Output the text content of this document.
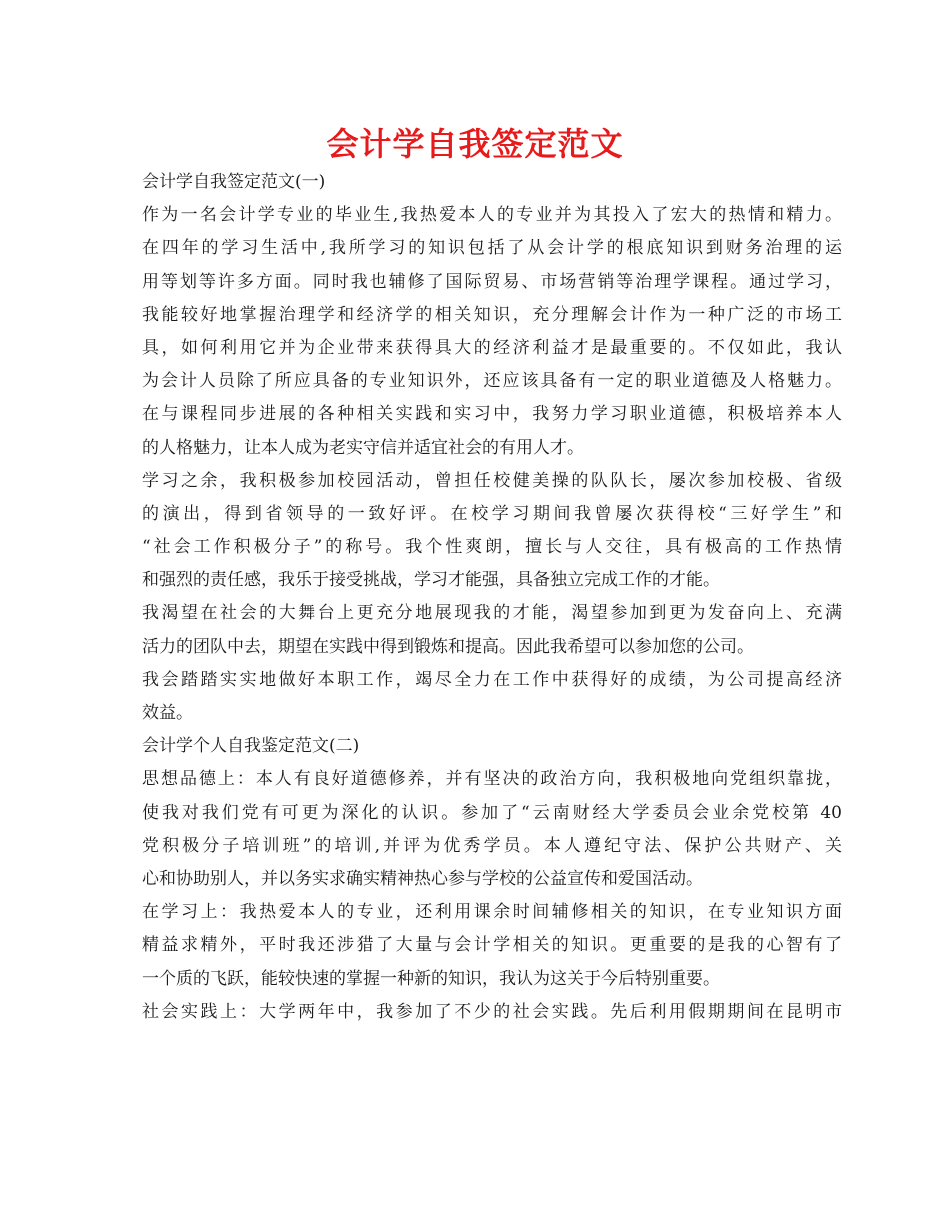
会计学自我签定范文
会计学自我签定范文(一)
作为一名会计学专业的毕业生,我热爱本人的专业并为其投入了宏大的热情和精力。
在四年的学习生活中,我所学习的知识包括了从会计学的根底知识到财务治理的运
用等划等许多方面。同时我也辅修了国际贸易、市场营销等治理学课程。通过学习，
我能较好地掌握治理学和经济学的相关知识，充分理解会计作为一种广泛的市场工
具，如何利用它并为企业带来获得具大的经济利益才是最重要的。不仅如此，我认
为会计人员除了所应具备的专业知识外，还应该具备有一定的职业道德及人格魅力。
在与课程同步进展的各种相关实践和实习中，我努力学习职业道德，积极培养本人
的人格魅力，让本人成为老实守信并适宜社会的有用人才。
学习之余，我积极参加校园活动，曾担任校健美操的队队长，屡次参加校极、省级
的演出，得到省领导的一致好评。在校学习期间我曾屡次获得校“三好学生”和
“社会工作积极分子”的称号。我个性爽朗，擅长与人交往，具有极高的工作热情
和强烈的责任感，我乐于接受挑战，学习才能强，具备独立完成工作的才能。
我渴望在社会的大舞台上更充分地展现我的才能，渴望参加到更为发奋向上、充满
活力的团队中去，期望在实践中得到锻炼和提高。因此我希望可以参加您的公司。
我会踏踏实实地做好本职工作，竭尽全力在工作中获得好的成绩，为公司提高经济
效益。
会计学个人自我鉴定范文(二)
思想品德上：本人有良好道德修养，并有坚决的政治方向，我积极地向党组织靠拢，
使我对我们党有可更为深化的认识。参加了“云南财经大学委员会业余党校第 40
党积极分子培训班”的培训,并评为优秀学员。本人遵纪守法、保护公共财产、关
心和协助别人，并以务实求确实精神热心参与学校的公益宣传和爱国活动。
在学习上：我热爱本人的专业，还利用课余时间辅修相关的知识，在专业知识方面
精益求精外，平时我还涉猎了大量与会计学相关的知识。更重要的是我的心智有了
一个质的飞跃，能较快速的掌握一种新的知识，我认为这关于今后特别重要。
社会实践上：大学两年中，我参加了不少的社会实践。先后利用假期期间在昆明市
